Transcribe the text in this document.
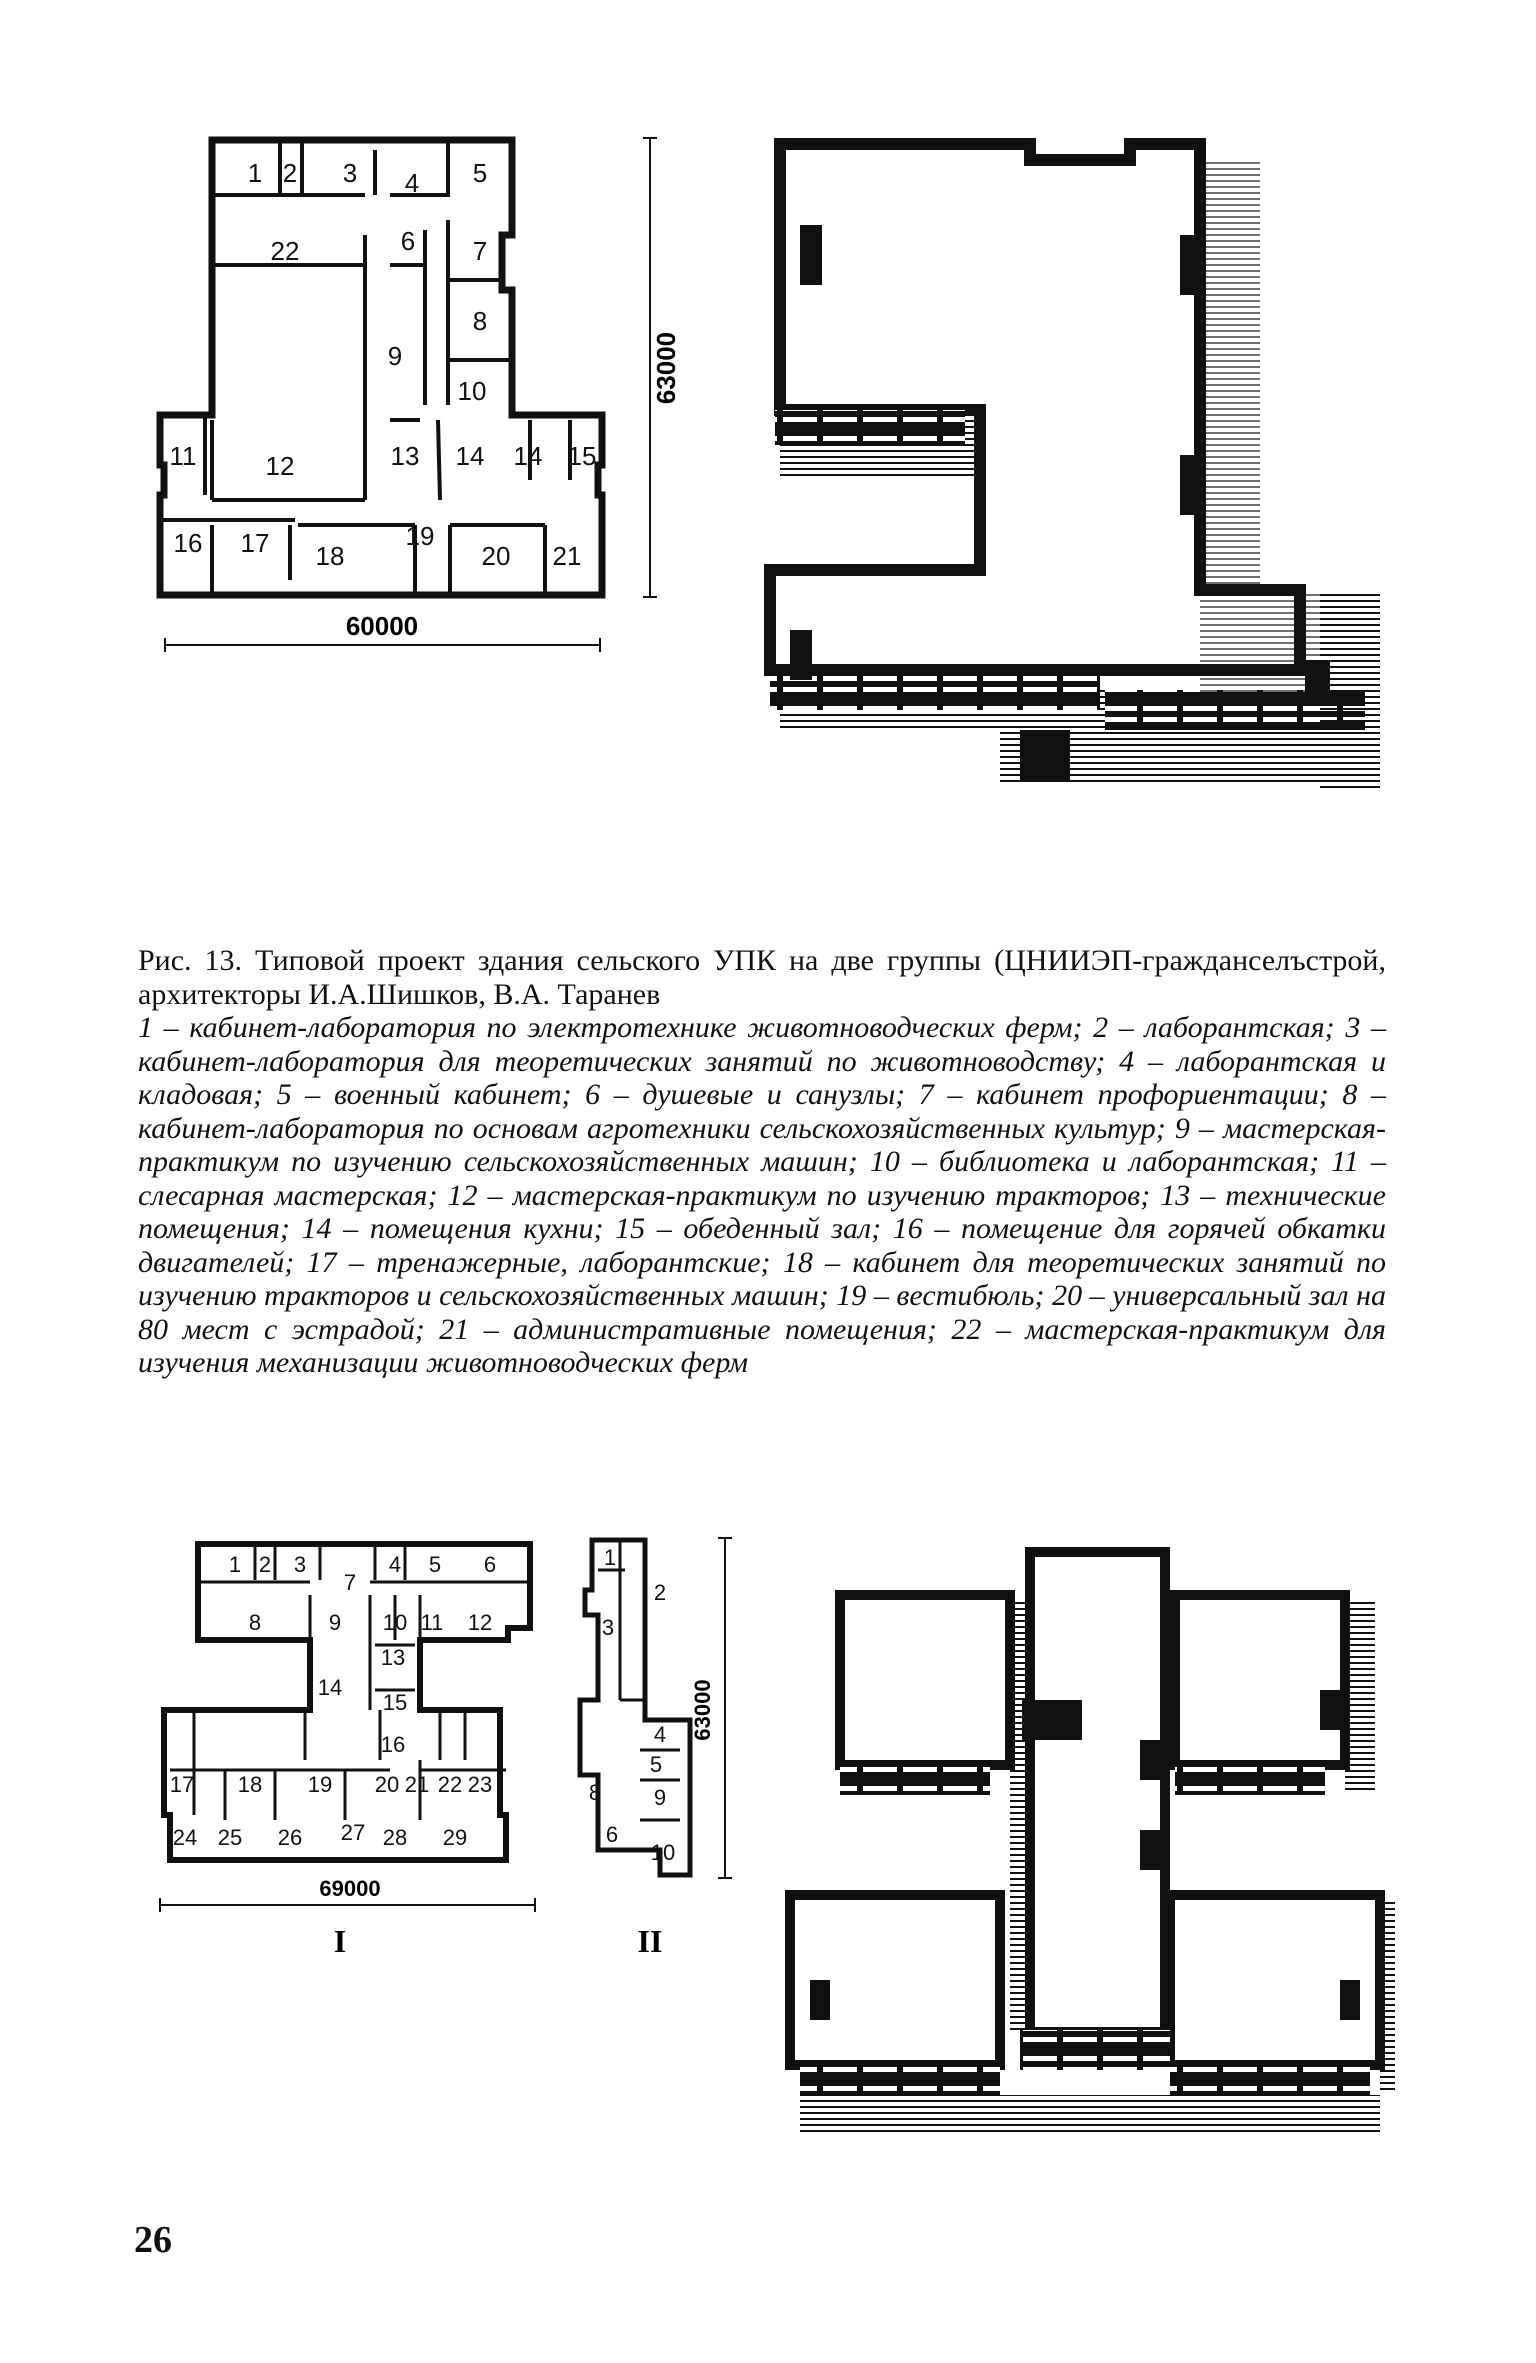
1 2 3 4 5
22	6 7
8
9
10
11	12	13 14 14 15
16 17 18
19
20 21
60000
63000
Рис. 13. Типовой проект здания сельского УПК на две группы (ЦНИИЭП-гражданселъстрой, архитекторы И.А.Шишков, В.А. Таранев
1 – кабинет-лаборатория по электротехнике животноводческих ферм; 2 – лаборантская; 3 – кабинет-лаборатория для теоретических занятий по животноводству; 4 – лаборантская и кладовая; 5 – военный кабинет; 6 – душевые и санузлы; 7 – кабинет профориентации; 8 – кабинет-лаборатория по основам агротехники сельскохозяйственных культур; 9 – мастерская-практикум по изучению сельскохозяйственных машин; 10 – библиотека и лаборантская; 11 – слесарная мастерская; 12 – мастерская-практикум по изучению тракторов; 13 – технические помещения; 14 – помещения кухни; 15 – обеденный зал; 16 – помещение для горячей обкатки двигателей; 17 – тренажерные, лаборантские; 18 – кабинет для теоретических занятий по изучению тракторов и сельскохозяйственных машин; 19 – вестибюль; 20 – универсальный зал на 80 мест с эстрадой; 21 – административные помещения; 22 – мастерская-практикум для изучения механизации животноводческих ферм
1 2 3
7
4 5 6
8	9 10 11 12
13
14
15
16
17 18 19 20 21 22 23
24 25 26 27 28 29
69000
I
1
2
3
4
5
6
8 9
10
63000
II
26
